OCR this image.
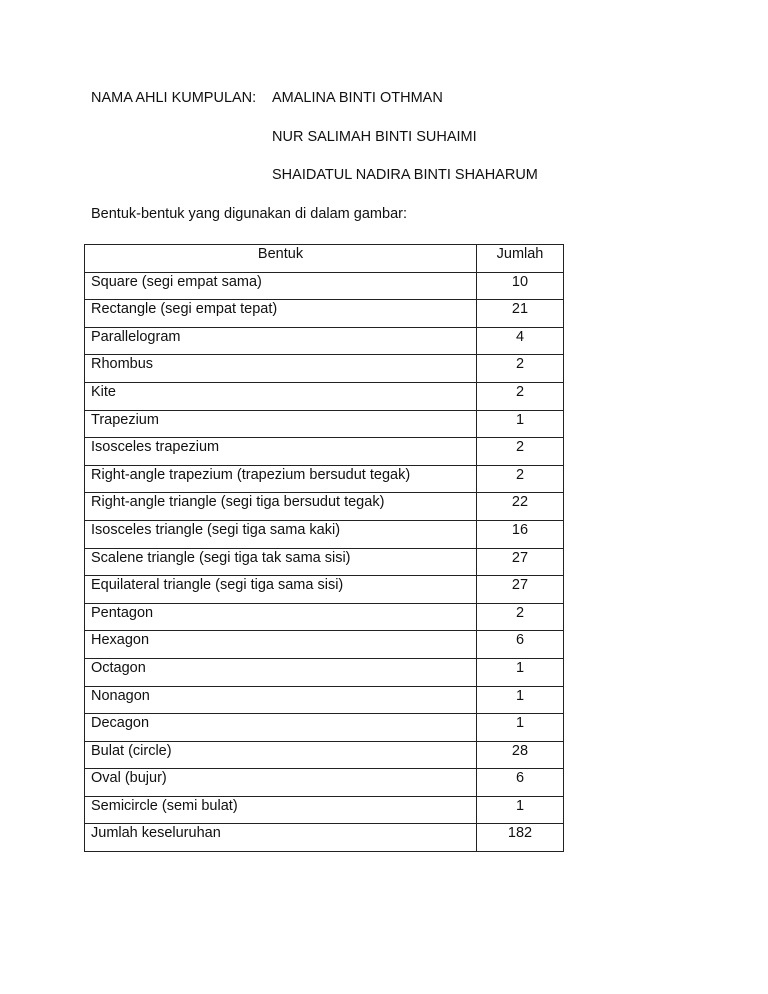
NAMA AHLI KUMPULAN: AMALINA BINTI OTHMAN
NUR SALIMAH BINTI SUHAIMI
SHAIDATUL NADIRA BINTI SHAHARUM
Bentuk-bentuk yang digunakan di dalam gambar:
Bentuk	Jumlah
Square (segi empat sama)	10
Rectangle (segi empat tepat)	21
Parallelogram	4
Rhombus	2
Kite	2
Trapezium	1
Isosceles trapezium	2
Right-angle trapezium (trapezium bersudut tegak)	2
Right-angle triangle (segi tiga bersudut tegak)	22
Isosceles triangle (segi tiga sama kaki)	16
Scalene triangle (segi tiga tak sama sisi)	27
Equilateral triangle (segi tiga sama sisi)	27
Pentagon	2
Hexagon	6
Octagon	1
Nonagon	1
Decagon	1
Bulat (circle)	28
Oval (bujur)	6
Semicircle (semi bulat)	1
Jumlah keseluruhan	182
